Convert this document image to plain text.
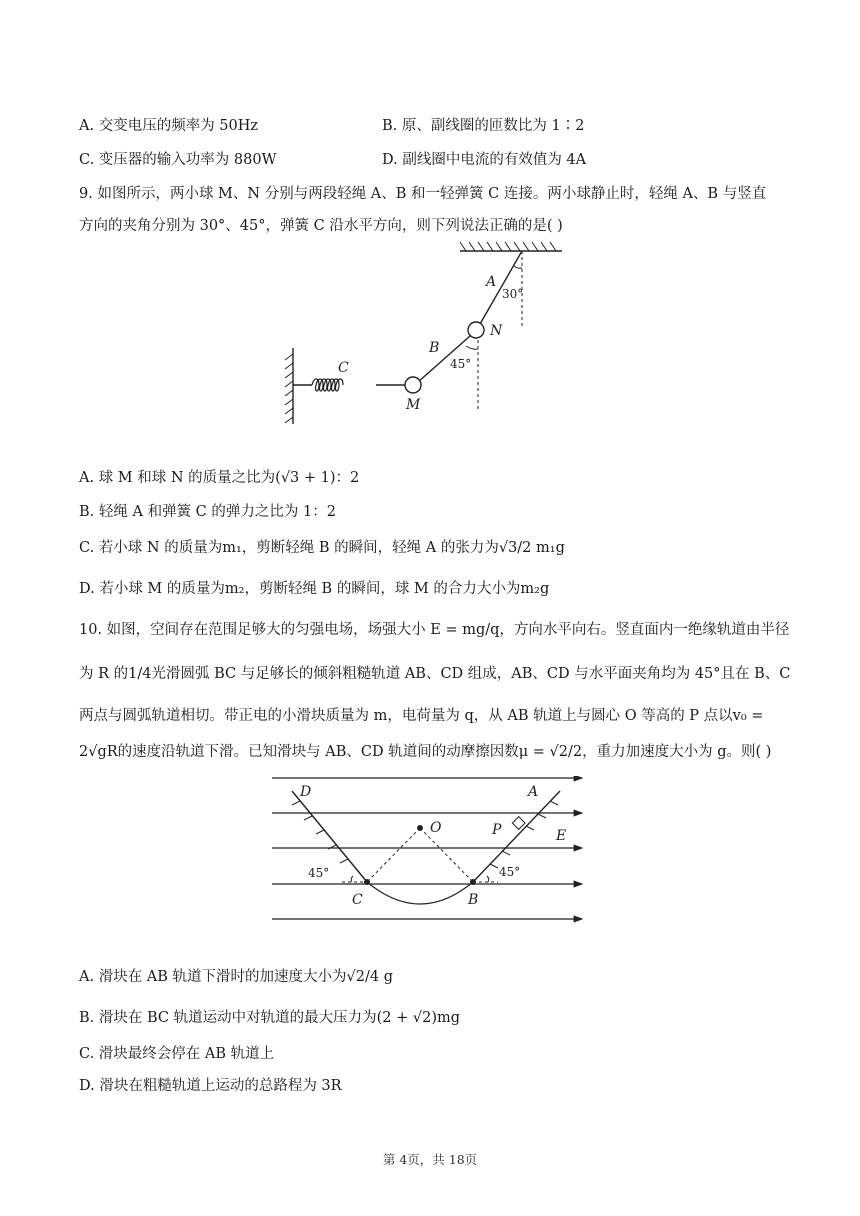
A. 交变电压的频率为 50Hz	B. 原、副线圈的匝数比为 1∶2
C. 变压器的输入功率为 880W	D. 副线圈中电流的有效值为 4A
9. 如图所示，两小球 M、N 分别与两段轻绳 A、B 和一轻弹簧 C 连接。两小球静止时，轻绳 A、B 与竖直
方向的夹角分别为 30°、45°，弹簧 C 沿水平方向，则下列说法正确的是( )
A
30°
N
B
45°
C
M
A. 球 M 和球 N 的质量之比为(√3 + 1)：2
B. 轻绳 A 和弹簧 C 的弹力之比为 1：2
C. 若小球 N 的质量为m₁，剪断轻绳 B 的瞬间，轻绳 A 的张力为√3/2 m₁g
D. 若小球 M 的质量为m₂，剪断轻绳 B 的瞬间，球 M 的合力大小为m₂g
10. 如图，空间存在范围足够大的匀强电场，场强大小 E = mg/q，方向水平向右。竖直面内一绝缘轨道由半径
为 R 的1/4光滑圆弧 BC 与足够长的倾斜粗糙轨道 AB、CD 组成，AB、CD 与水平面夹角均为 45°且在 B、C
两点与圆弧轨道相切。带正电的小滑块质量为 m，电荷量为 q，从 AB 轨道上与圆心 O 等高的 P 点以v₀ =
2√gR的速度沿轨道下滑。已知滑块与 AB、CD 轨道间的动摩擦因数μ = √2/2，重力加速度大小为 g。则( )
D	A
O	P	E
45°	45°
C	B
A. 滑块在 AB 轨道下滑时的加速度大小为√2/4 g
B. 滑块在 BC 轨道运动中对轨道的最大压力为(2 + √2)mg
C. 滑块最终会停在 AB 轨道上
D. 滑块在粗糙轨道上运动的总路程为 3R
第 4页，共 18页
